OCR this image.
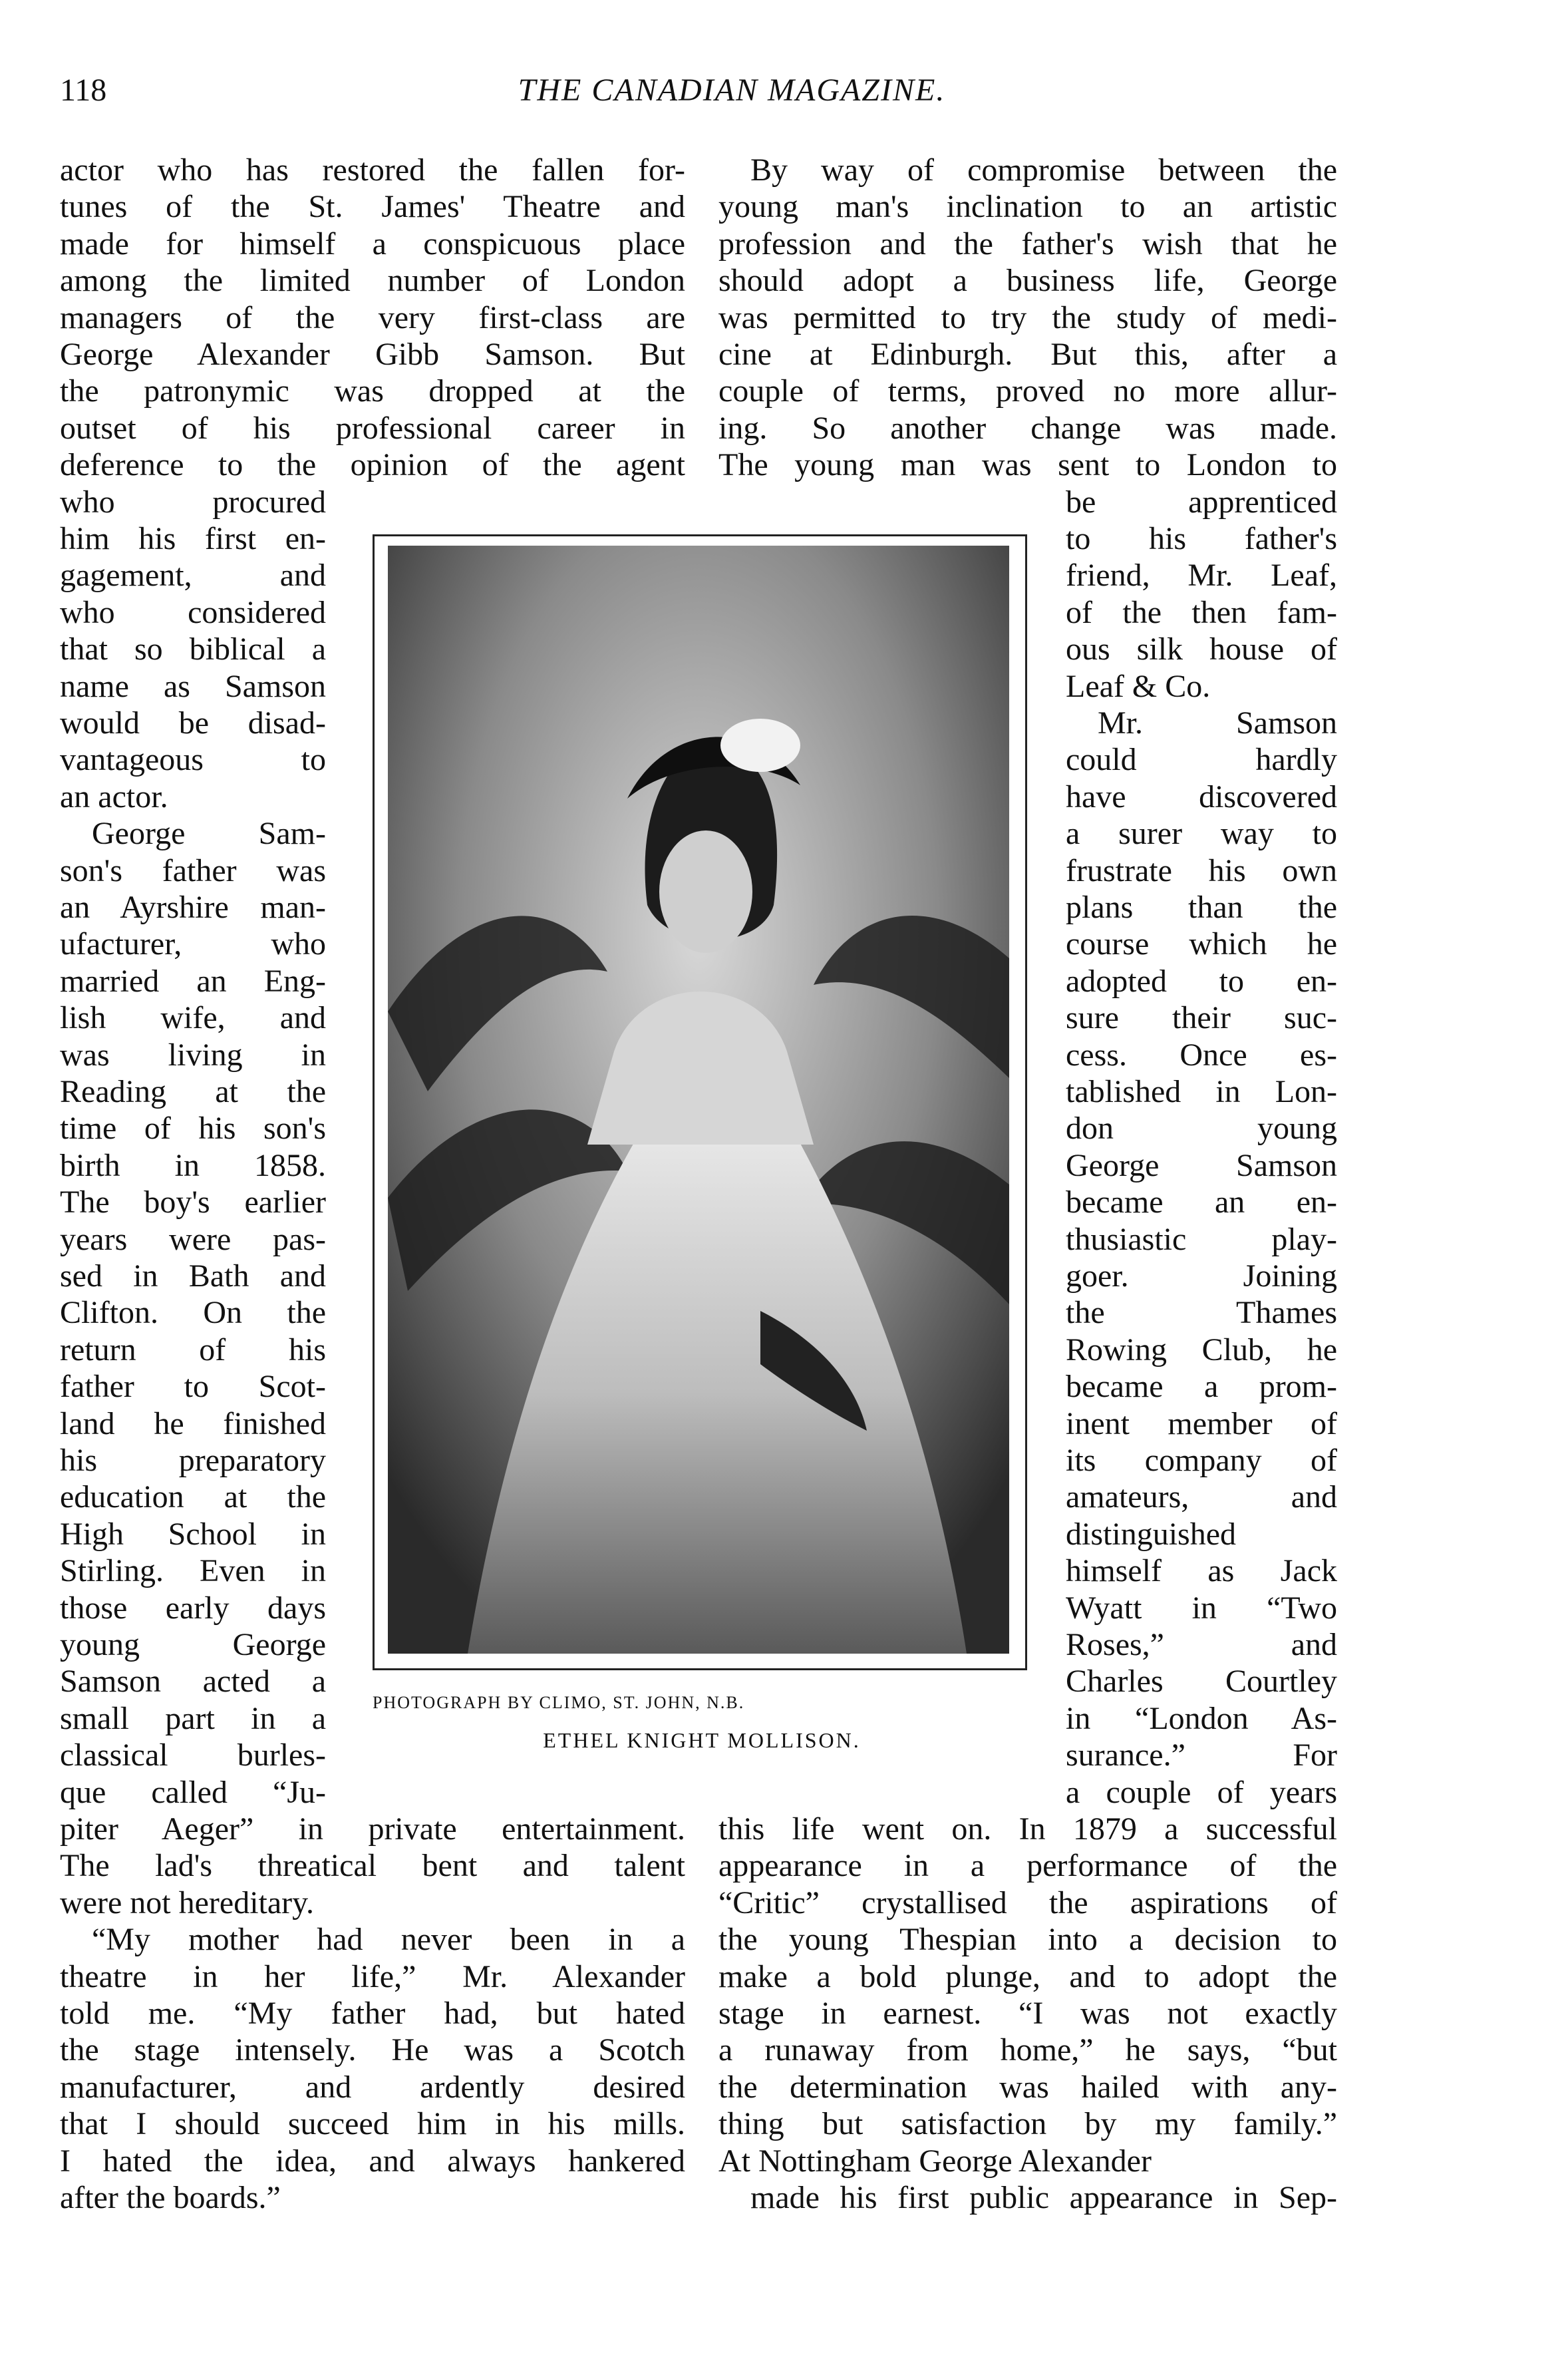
118	THE CANADIAN MAGAZINE.
PHOTOGRAPH BY CLIMO, ST. JOHN, N.B.
ETHEL KNIGHT MOLLISON.
actor who has restored the fallen for-
tunes of the St. James' Theatre and
made for himself a conspicuous place
among the limited number of London
managers of the very first-class are
George Alexander Gibb Samson. But
the patronymic was dropped at the
outset of his professional career in
deference to the opinion of the agent
who procured
him his first en-
gagement, and
who considered
that so biblical a
name as Samson
would be disad-
vantageous to
an actor.
George Sam-
son's father was
an Ayrshire man-
ufacturer, who
married an Eng-
lish wife, and
was living in
Reading at the
time of his son's
birth in 1858.
The boy's earlier
years were pas-
sed in Bath and
Clifton. On the
return of his
father to Scot-
land he finished
his preparatory
education at the
High School in
Stirling. Even in
those early days
young George
Samson acted a
small part in a
classical burles-
que called “Ju-
piter Aeger” in private entertainment.
The lad's threatical bent and talent
were not hereditary.
“My mother had never been in a
theatre in her life,” Mr. Alexander
told me. “My father had, but hated
the stage intensely. He was a Scotch
manufacturer, and ardently desired
that I should succeed him in his mills.
I hated the idea, and always hankered
after the boards.”
By way of compromise between the
young man's inclination to an artistic
profession and the father's wish that he
should adopt a business life, George
was permitted to try the study of medi-
cine at Edinburgh. But this, after a
couple of terms, proved no more allur-
ing. So another change was made.
The young man was sent to London to
be apprenticed
to his father's
friend, Mr. Leaf,
of the then fam-
ous silk house of
Leaf & Co.
Mr. Samson
could hardly
have discovered
a surer way to
frustrate his own
plans than the
course which he
adopted to en-
sure their suc-
cess. Once es-
tablished in Lon-
don young
George Samson
became an en-
thusiastic play-
goer. Joining
the Thames
Rowing Club, he
became a prom-
inent member of
its company of
amateurs, and
distinguished
himself as Jack
Wyatt in “Two
Roses,” and
Charles Courtley
in “London As-
surance.” For
a couple of years
this life went on. In 1879 a successful
appearance in a performance of the
“Critic” crystallised the aspirations of
the young Thespian into a decision to
make a bold plunge, and to adopt the
stage in earnest. “I was not exactly
a runaway from home,” he says, “but
the determination was hailed with any-
thing but satisfaction by my family.”
At Nottingham George Alexander
made his first public appearance in Sep-
